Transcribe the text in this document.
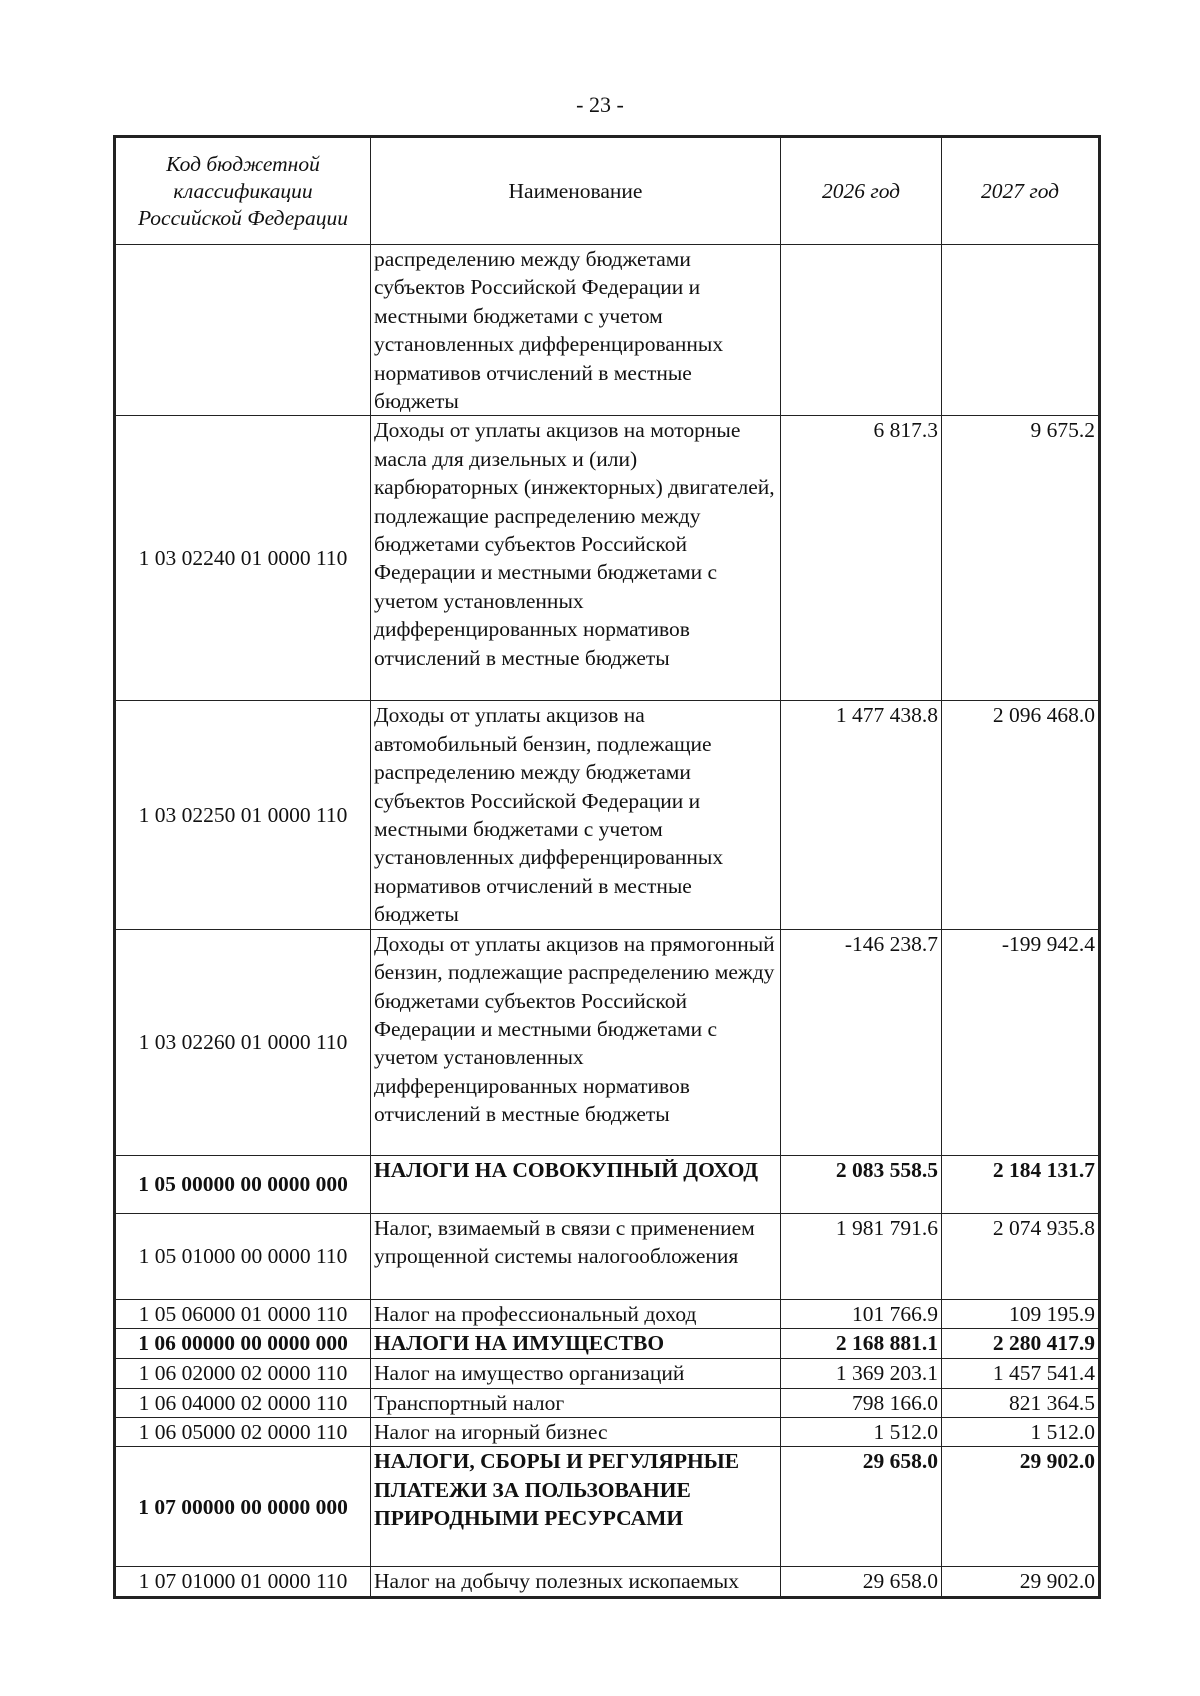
- 23 -
Код бюджетной классификации Российской Федерации	Наименование	2026 год	2027 год
	распределению между бюджетами субъектов Российской Федерации и местными бюджетами с учетом установленных дифференцированных нормативов отчислений в местные бюджеты		
1 03 02240 01 0000 110	Доходы от уплаты акцизов на моторные масла для дизельных и (или) карбюраторных (инжекторных) двигателей, подлежащие распределению между бюджетами субъектов Российской Федерации и местными бюджетами с учетом установленных дифференцированных нормативов отчислений в местные бюджеты	6 817.3	9 675.2
1 03 02250 01 0000 110	Доходы от уплаты акцизов на автомобильный бензин, подлежащие распределению между бюджетами субъектов Российской Федерации и местными бюджетами с учетом установленных дифференцированных нормативов отчислений в местные бюджеты	1 477 438.8	2 096 468.0
1 03 02260 01 0000 110	Доходы от уплаты акцизов на прямогонный бензин, подлежащие распределению между бюджетами субъектов Российской Федерации и местными бюджетами с учетом установленных дифференцированных нормативов отчислений в местные бюджеты	-146 238.7	-199 942.4
1 05 00000 00 0000 000	НАЛОГИ НА СОВОКУПНЫЙ ДОХОД	2 083 558.5	2 184 131.7
1 05 01000 00 0000 110	Налог, взимаемый в связи с применением упрощенной системы налогообложения	1 981 791.6	2 074 935.8
1 05 06000 01 0000 110	Налог на профессиональный доход	101 766.9	109 195.9
1 06 00000 00 0000 000	НАЛОГИ НА ИМУЩЕСТВО	2 168 881.1	2 280 417.9
1 06 02000 02 0000 110	Налог на имущество организаций	1 369 203.1	1 457 541.4
1 06 04000 02 0000 110	Транспортный налог	798 166.0	821 364.5
1 06 05000 02 0000 110	Налог на игорный бизнес	1 512.0	1 512.0
1 07 00000 00 0000 000	НАЛОГИ, СБОРЫ И РЕГУЛЯРНЫЕ ПЛАТЕЖИ ЗА ПОЛЬЗОВАНИЕ ПРИРОДНЫМИ РЕСУРСАМИ	29 658.0	29 902.0
1 07 01000 01 0000 110	Налог на добычу полезных ископаемых	29 658.0	29 902.0
